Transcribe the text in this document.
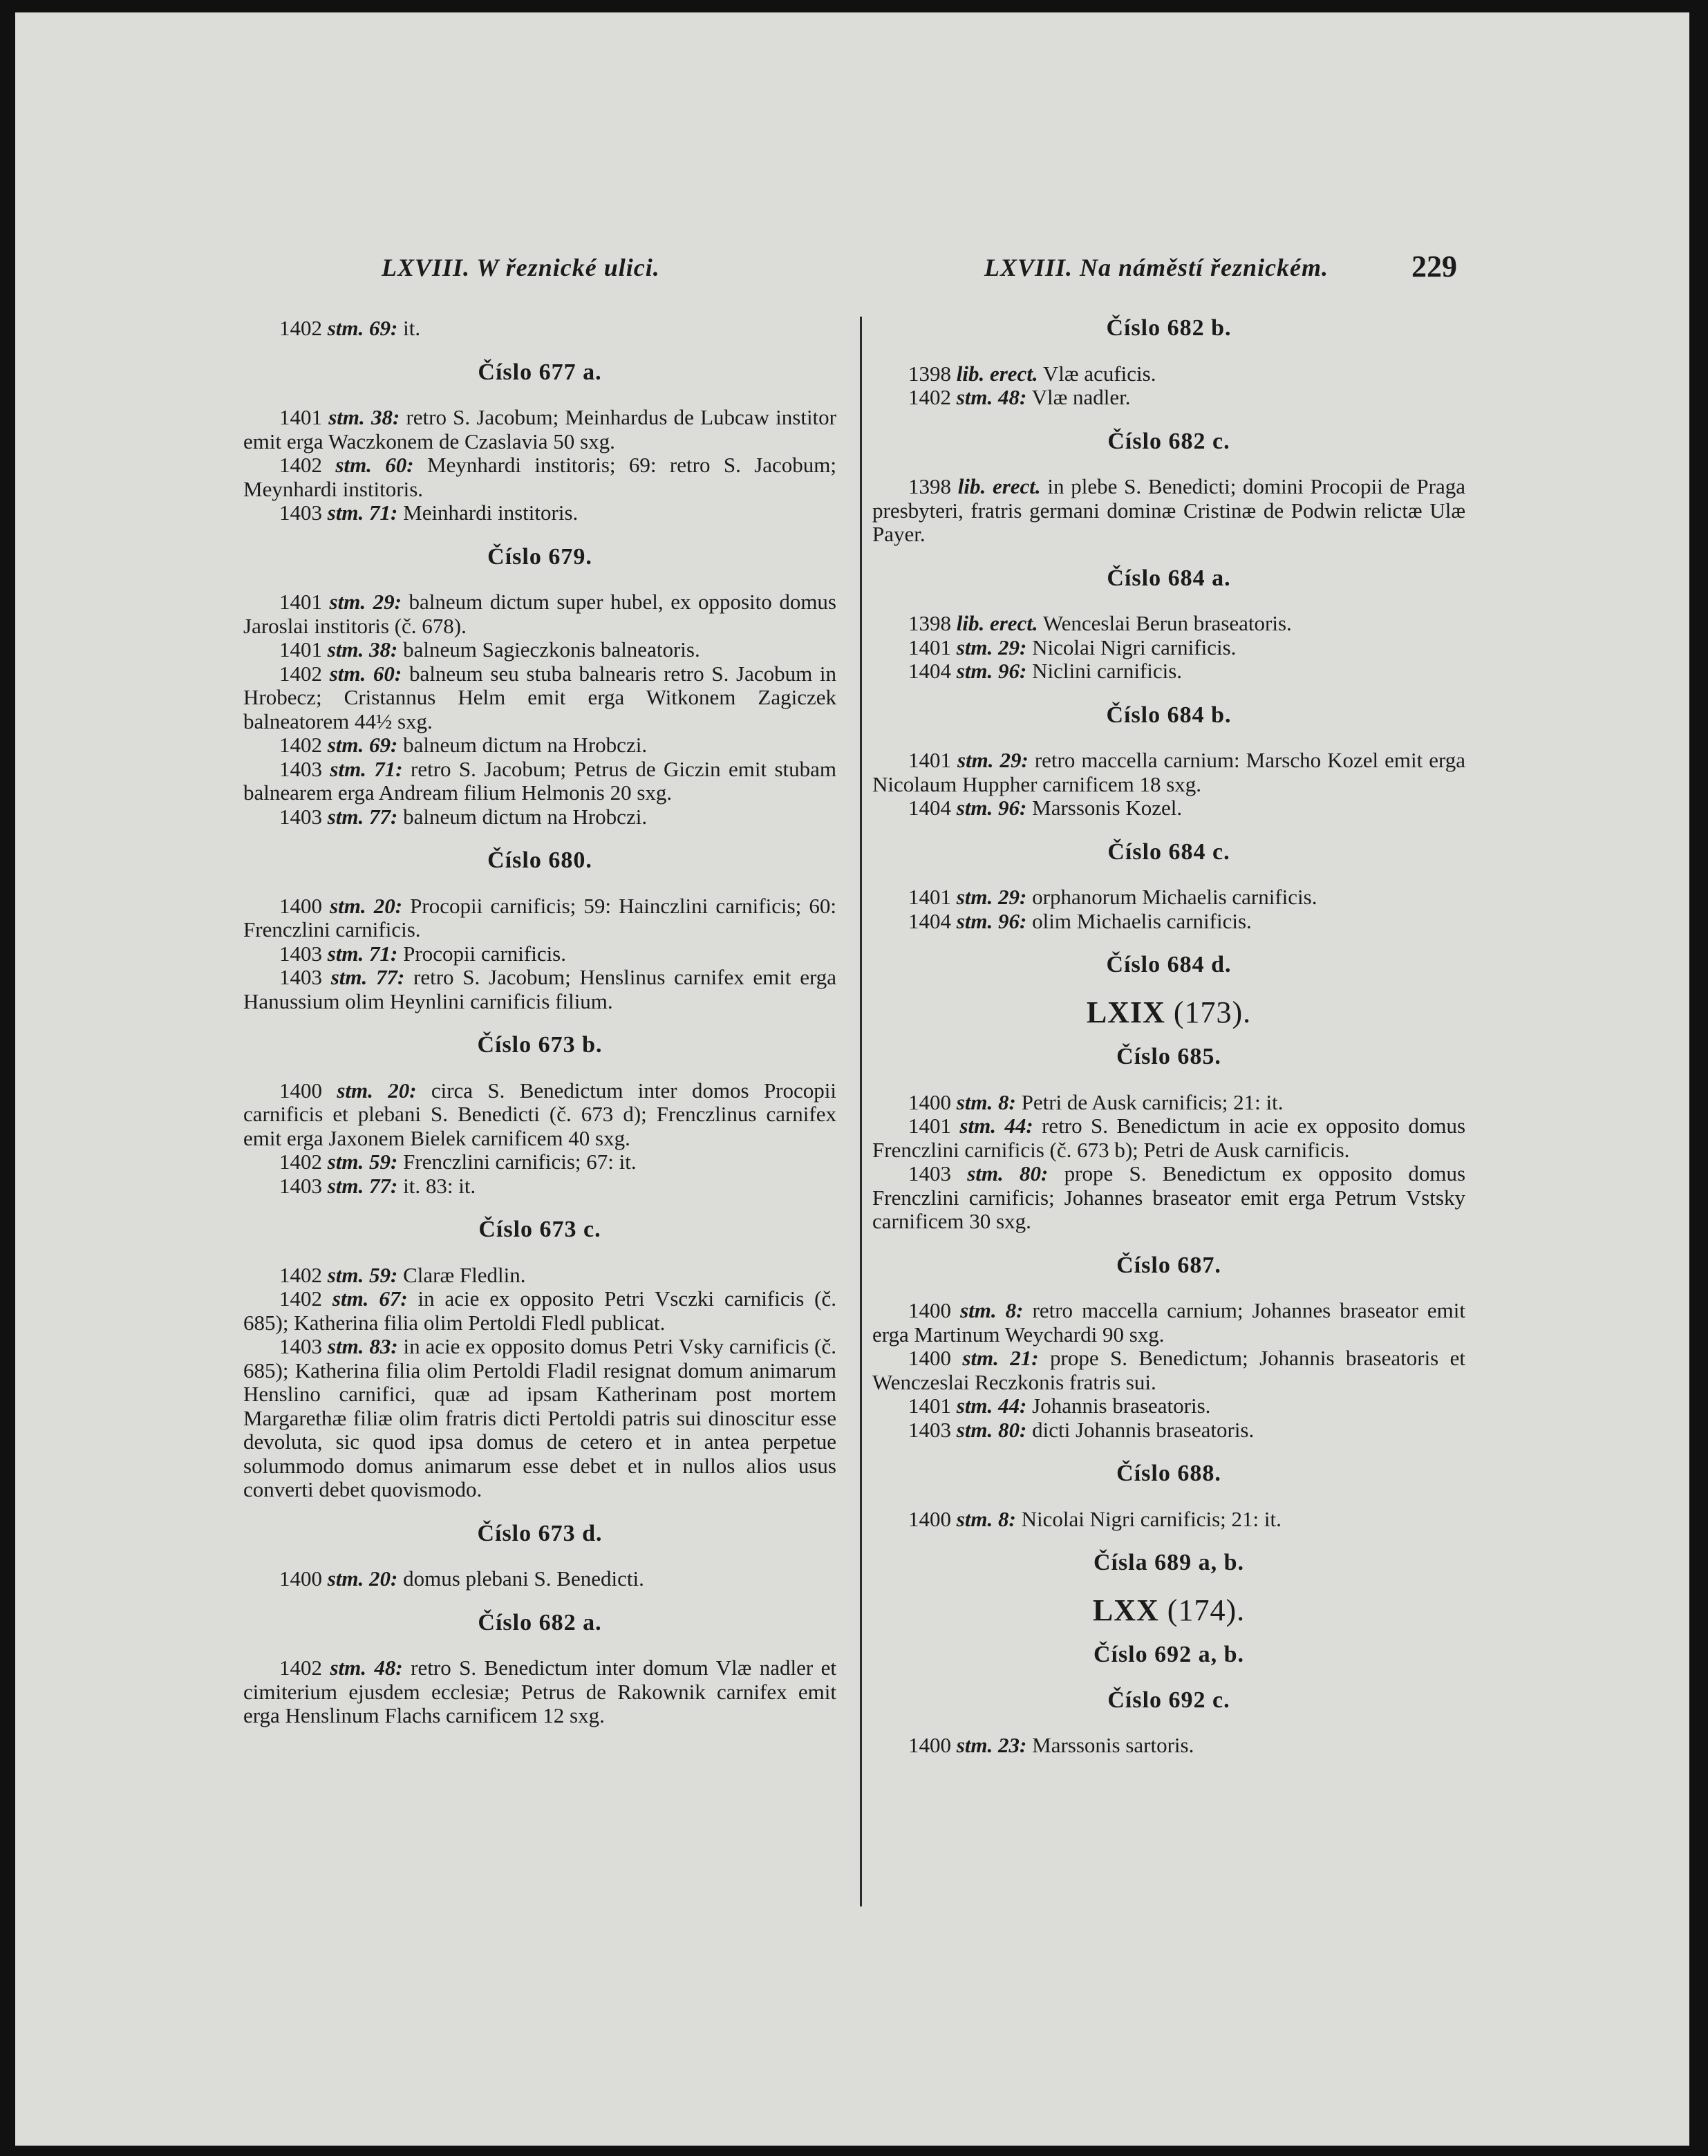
LXVIII. W řeznické ulici.	LXVIII. Na náměstí řeznickém.	229

1402 stm. 69: it.

Číslo 677 a.

1401 stm. 38: retro S. Jacobum; Meinhardus de Lubcaw institor emit erga Waczkonem de Czaslavia 50 sxg.

1402 stm. 60: Meynhardi institoris; 69: retro S. Jacobum; Meynhardi institoris.

1403 stm. 71: Meinhardi institoris.

Číslo 679.

1401 stm. 29: balneum dictum super hubel, ex opposito domus Jaroslai institoris (č. 678).

1401 stm. 38: balneum Sagieczkonis balneatoris.

1402 stm. 60: balneum seu stuba balnearis retro S. Jacobum in Hrobecz; Cristannus Helm emit erga Witkonem Zagiczek balneatorem 44½ sxg.

1402 stm. 69: balneum dictum na Hrobczi.

1403 stm. 71: retro S. Jacobum; Petrus de Giczin emit stubam balnearem erga Andream filium Helmonis 20 sxg.

1403 stm. 77: balneum dictum na Hrobczi.

Číslo 680.

1400 stm. 20: Procopii carnificis; 59: Hainczlini carnificis; 60: Frenczlini carnificis.

1403 stm. 71: Procopii carnificis.

1403 stm. 77: retro S. Jacobum; Henslinus carnifex emit erga Hanussium olim Heynlini carnificis filium.

Číslo 673 b.

1400 stm. 20: circa S. Benedictum inter domos Procopii carnificis et plebani S. Benedicti (č. 673 d); Frenczlinus carnifex emit erga Jaxonem Bielek carnificem 40 sxg.

1402 stm. 59: Frenczlini carnificis; 67: it.

1403 stm. 77: it. 83: it.

Číslo 673 c.

1402 stm. 59: Claræ Fledlin.

1402 stm. 67: in acie ex opposito Petri Vsczki carnificis (č. 685); Katherina filia olim Pertoldi Fledl publicat.

1403 stm. 83: in acie ex opposito domus Petri Vsky carnificis (č. 685); Katherina filia olim Pertoldi Fladil resignat domum animarum Henslino carnifici, quæ ad ipsam Katherinam post mortem Margarethæ filiæ olim fratris dicti Pertoldi patris sui dinoscitur esse devoluta, sic quod ipsa domus de cetero et in antea perpetue solummodo domus animarum esse debet et in nullos alios usus converti debet quovismodo.

Číslo 673 d.

1400 stm. 20: domus plebani S. Benedicti.

Číslo 682 a.

1402 stm. 48: retro S. Benedictum inter domum Vlæ nadler et cimiterium ejusdem ecclesiæ; Petrus de Rakownik carnifex emit erga Henslinum Flachs carnificem 12 sxg.

Číslo 682 b.

1398 lib. erect. Vlæ acuficis.

1402 stm. 48: Vlæ nadler.

Číslo 682 c.

1398 lib. erect. in plebe S. Benedicti; domini Procopii de Praga presbyteri, fratris germani dominæ Cristinæ de Podwin relictæ Ulæ Payer.

Číslo 684 a.

1398 lib. erect. Wenceslai Berun braseatoris.

1401 stm. 29: Nicolai Nigri carnificis.

1404 stm. 96: Niclini carnificis.

Číslo 684 b.

1401 stm. 29: retro maccella carnium: Marscho Kozel emit erga Nicolaum Huppher carnificem 18 sxg.

1404 stm. 96: Marssonis Kozel.

Číslo 684 c.

1401 stm. 29: orphanorum Michaelis carnificis.

1404 stm. 96: olim Michaelis carnificis.

Číslo 684 d.
LXIX (173).
Číslo 685.

1400 stm. 8: Petri de Ausk carnificis; 21: it.

1401 stm. 44: retro S. Benedictum in acie ex opposito domus Frenczlini carnificis (č. 673 b); Petri de Ausk carnificis.

1403 stm. 80: prope S. Benedictum ex opposito domus Frenczlini carnificis; Johannes braseator emit erga Petrum Vstsky carnificem 30 sxg.

Číslo 687.

1400 stm. 8: retro maccella carnium; Johannes braseator emit erga Martinum Weychardi 90 sxg.

1400 stm. 21: prope S. Benedictum; Johannis braseatoris et Wenczeslai Reczkonis fratris sui.

1401 stm. 44: Johannis braseatoris.

1403 stm. 80: dicti Johannis braseatoris.

Číslo 688.

1400 stm. 8: Nicolai Nigri carnificis; 21: it.

Čísla 689 a, b.
LXX (174).
Číslo 692 a, b.
Číslo 692 c.

1400 stm. 23: Marssonis sartoris.
